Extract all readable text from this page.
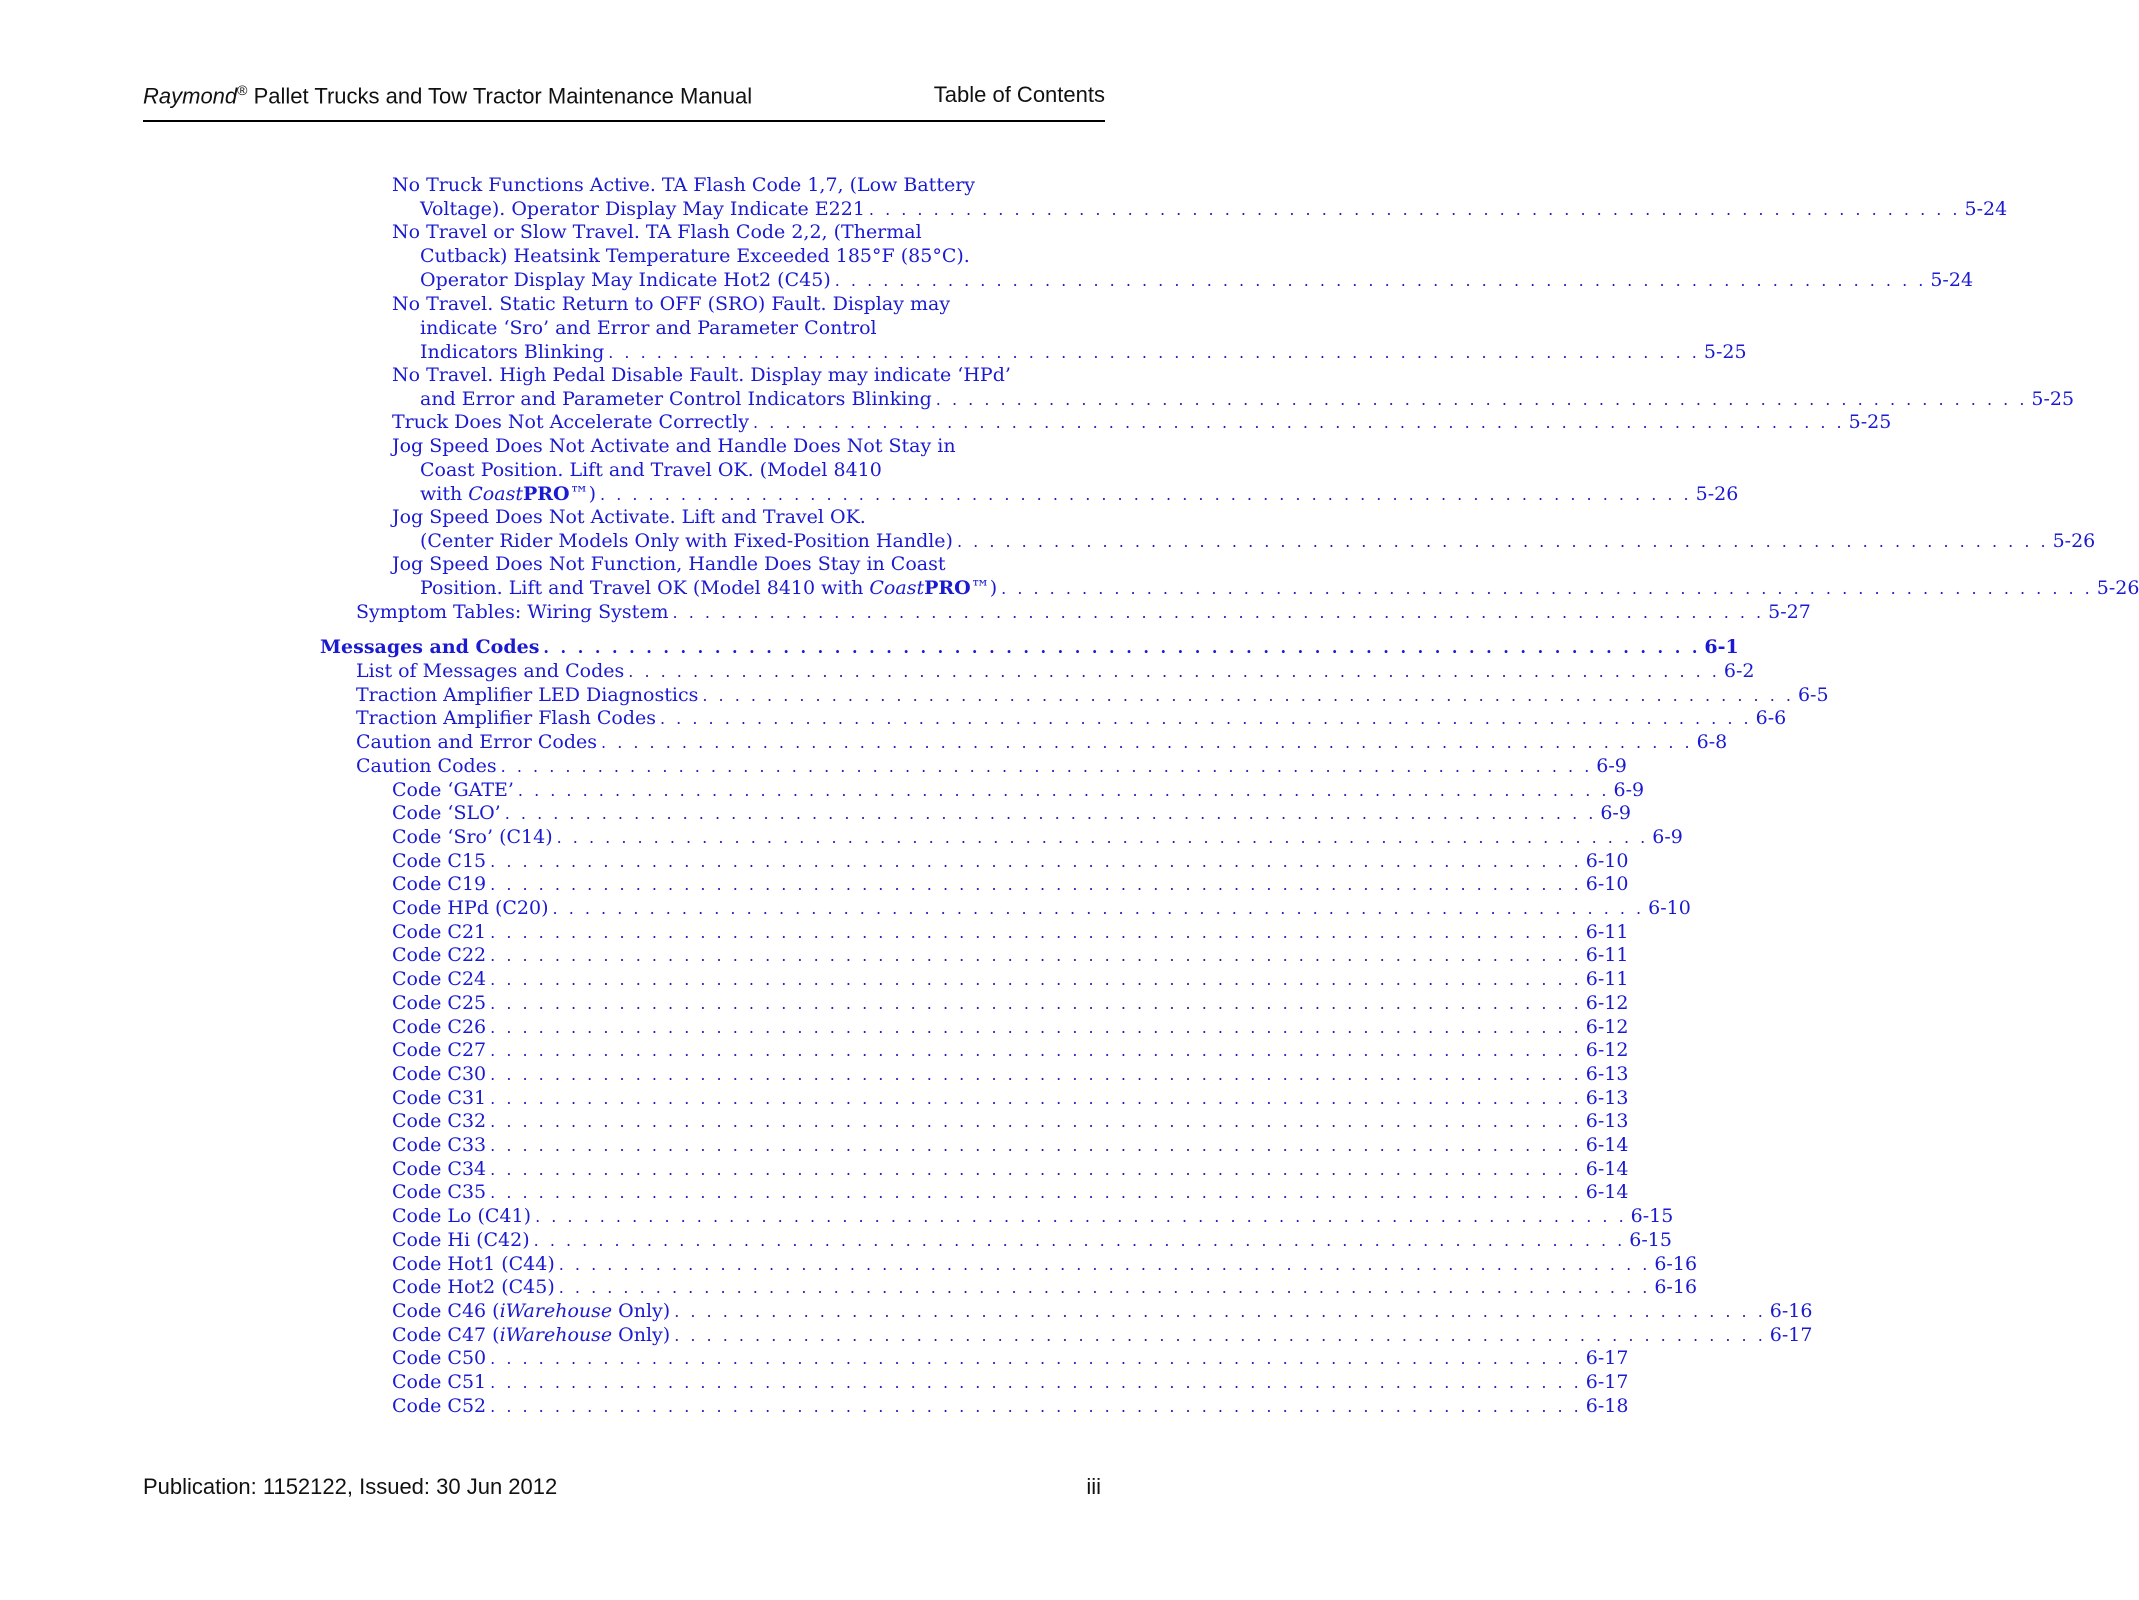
Raymond® Pallet Trucks and Tow Tractor Maintenance Manual	Table of Contents
No Truck Functions Active. TA Flash Code 1,7, (Low Battery
Voltage). Operator Display May Indicate E221 . . . . . . . . . . . . . . . . . . . . . . . . . . . . . . . . . . . . . . . . . . . . . . . . . . . . . . . . . . . . . . . . . . . . 5-24
No Travel or Slow Travel. TA Flash Code 2,2, (Thermal
Cutback) Heatsink Temperature Exceeded 185°F (85°C).
Operator Display May Indicate Hot2 (C45) . . . . . . . . . . . . . . . . . . . . . . . . . . . . . . . . . . . . . . . . . . . . . . . . . . . . . . . . . . . . . . . . . . . . 5-24
No Travel. Static Return to OFF (SRO) Fault. Display may
indicate ‘Sro’ and Error and Parameter Control
Indicators Blinking . . . . . . . . . . . . . . . . . . . . . . . . . . . . . . . . . . . . . . . . . . . . . . . . . . . . . . . . . . . . . . . . . . . . 5-25
No Travel. High Pedal Disable Fault. Display may indicate ‘HPd’
and Error and Parameter Control Indicators Blinking . . . . . . . . . . . . . . . . . . . . . . . . . . . . . . . . . . . . . . . . . . . . . . . . . . . . . . . . . . . . . . . . . . . . 5-25
Truck Does Not Accelerate Correctly . . . . . . . . . . . . . . . . . . . . . . . . . . . . . . . . . . . . . . . . . . . . . . . . . . . . . . . . . . . . . . . . . . . . 5-25
Jog Speed Does Not Activate and Handle Does Not Stay in
Coast Position. Lift and Travel OK. (Model 8410
with CoastPRO™) . . . . . . . . . . . . . . . . . . . . . . . . . . . . . . . . . . . . . . . . . . . . . . . . . . . . . . . . . . . . . . . . . . . . 5-26
Jog Speed Does Not Activate. Lift and Travel OK.
(Center Rider Models Only with Fixed-Position Handle) . . . . . . . . . . . . . . . . . . . . . . . . . . . . . . . . . . . . . . . . . . . . . . . . . . . . . . . . . . . . . . . . . . . . 5-26
Jog Speed Does Not Function, Handle Does Stay in Coast
Position. Lift and Travel OK (Model 8410 with CoastPRO™) . . . . . . . . . . . . . . . . . . . . . . . . . . . . . . . . . . . . . . . . . . . . . . . . . . . . . . . . . . . . . . . . . . . . 5-26
Symptom Tables: Wiring System . . . . . . . . . . . . . . . . . . . . . . . . . . . . . . . . . . . . . . . . . . . . . . . . . . . . . . . . . . . . . . . . . . . . 5-27
Messages and Codes . . . . . . . . . . . . . . . . . . . . . . . . . . . . . . . . . . . . . . . . . . . . . . . . . . . . . . . . . . . . . . . . . . . . 6-1
List of Messages and Codes . . . . . . . . . . . . . . . . . . . . . . . . . . . . . . . . . . . . . . . . . . . . . . . . . . . . . . . . . . . . . . . . . . . . 6-2
Traction Amplifier LED Diagnostics . . . . . . . . . . . . . . . . . . . . . . . . . . . . . . . . . . . . . . . . . . . . . . . . . . . . . . . . . . . . . . . . . . . . 6-5
Traction Amplifier Flash Codes . . . . . . . . . . . . . . . . . . . . . . . . . . . . . . . . . . . . . . . . . . . . . . . . . . . . . . . . . . . . . . . . . . . . 6-6
Caution and Error Codes . . . . . . . . . . . . . . . . . . . . . . . . . . . . . . . . . . . . . . . . . . . . . . . . . . . . . . . . . . . . . . . . . . . . 6-8
Caution Codes . . . . . . . . . . . . . . . . . . . . . . . . . . . . . . . . . . . . . . . . . . . . . . . . . . . . . . . . . . . . . . . . . . . . 6-9
Code ‘GATE’ . . . . . . . . . . . . . . . . . . . . . . . . . . . . . . . . . . . . . . . . . . . . . . . . . . . . . . . . . . . . . . . . . . . . 6-9
Code ‘SLO’ . . . . . . . . . . . . . . . . . . . . . . . . . . . . . . . . . . . . . . . . . . . . . . . . . . . . . . . . . . . . . . . . . . . . 6-9
Code ‘Sro’ (C14) . . . . . . . . . . . . . . . . . . . . . . . . . . . . . . . . . . . . . . . . . . . . . . . . . . . . . . . . . . . . . . . . . . . . 6-9
Code C15 . . . . . . . . . . . . . . . . . . . . . . . . . . . . . . . . . . . . . . . . . . . . . . . . . . . . . . . . . . . . . . . . . . . . 6-10
Code C19 . . . . . . . . . . . . . . . . . . . . . . . . . . . . . . . . . . . . . . . . . . . . . . . . . . . . . . . . . . . . . . . . . . . . 6-10
Code HPd (C20) . . . . . . . . . . . . . . . . . . . . . . . . . . . . . . . . . . . . . . . . . . . . . . . . . . . . . . . . . . . . . . . . . . . . 6-10
Code C21 . . . . . . . . . . . . . . . . . . . . . . . . . . . . . . . . . . . . . . . . . . . . . . . . . . . . . . . . . . . . . . . . . . . . 6-11
Code C22 . . . . . . . . . . . . . . . . . . . . . . . . . . . . . . . . . . . . . . . . . . . . . . . . . . . . . . . . . . . . . . . . . . . . 6-11
Code C24 . . . . . . . . . . . . . . . . . . . . . . . . . . . . . . . . . . . . . . . . . . . . . . . . . . . . . . . . . . . . . . . . . . . . 6-11
Code C25 . . . . . . . . . . . . . . . . . . . . . . . . . . . . . . . . . . . . . . . . . . . . . . . . . . . . . . . . . . . . . . . . . . . . 6-12
Code C26 . . . . . . . . . . . . . . . . . . . . . . . . . . . . . . . . . . . . . . . . . . . . . . . . . . . . . . . . . . . . . . . . . . . . 6-12
Code C27 . . . . . . . . . . . . . . . . . . . . . . . . . . . . . . . . . . . . . . . . . . . . . . . . . . . . . . . . . . . . . . . . . . . . 6-12
Code C30 . . . . . . . . . . . . . . . . . . . . . . . . . . . . . . . . . . . . . . . . . . . . . . . . . . . . . . . . . . . . . . . . . . . . 6-13
Code C31 . . . . . . . . . . . . . . . . . . . . . . . . . . . . . . . . . . . . . . . . . . . . . . . . . . . . . . . . . . . . . . . . . . . . 6-13
Code C32 . . . . . . . . . . . . . . . . . . . . . . . . . . . . . . . . . . . . . . . . . . . . . . . . . . . . . . . . . . . . . . . . . . . . 6-13
Code C33 . . . . . . . . . . . . . . . . . . . . . . . . . . . . . . . . . . . . . . . . . . . . . . . . . . . . . . . . . . . . . . . . . . . . 6-14
Code C34 . . . . . . . . . . . . . . . . . . . . . . . . . . . . . . . . . . . . . . . . . . . . . . . . . . . . . . . . . . . . . . . . . . . . 6-14
Code C35 . . . . . . . . . . . . . . . . . . . . . . . . . . . . . . . . . . . . . . . . . . . . . . . . . . . . . . . . . . . . . . . . . . . . 6-14
Code Lo (C41) . . . . . . . . . . . . . . . . . . . . . . . . . . . . . . . . . . . . . . . . . . . . . . . . . . . . . . . . . . . . . . . . . . . . 6-15
Code Hi (C42) . . . . . . . . . . . . . . . . . . . . . . . . . . . . . . . . . . . . . . . . . . . . . . . . . . . . . . . . . . . . . . . . . . . . 6-15
Code Hot1 (C44) . . . . . . . . . . . . . . . . . . . . . . . . . . . . . . . . . . . . . . . . . . . . . . . . . . . . . . . . . . . . . . . . . . . . 6-16
Code Hot2 (C45) . . . . . . . . . . . . . . . . . . . . . . . . . . . . . . . . . . . . . . . . . . . . . . . . . . . . . . . . . . . . . . . . . . . . 6-16
Code C46 (iWarehouse Only) . . . . . . . . . . . . . . . . . . . . . . . . . . . . . . . . . . . . . . . . . . . . . . . . . . . . . . . . . . . . . . . . . . . . 6-16
Code C47 (iWarehouse Only) . . . . . . . . . . . . . . . . . . . . . . . . . . . . . . . . . . . . . . . . . . . . . . . . . . . . . . . . . . . . . . . . . . . . 6-17
Code C50 . . . . . . . . . . . . . . . . . . . . . . . . . . . . . . . . . . . . . . . . . . . . . . . . . . . . . . . . . . . . . . . . . . . . 6-17
Code C51 . . . . . . . . . . . . . . . . . . . . . . . . . . . . . . . . . . . . . . . . . . . . . . . . . . . . . . . . . . . . . . . . . . . . 6-17
Code C52 . . . . . . . . . . . . . . . . . . . . . . . . . . . . . . . . . . . . . . . . . . . . . . . . . . . . . . . . . . . . . . . . . . . . 6-18
Publication: 1152122, Issued: 30 Jun 2012	iii
